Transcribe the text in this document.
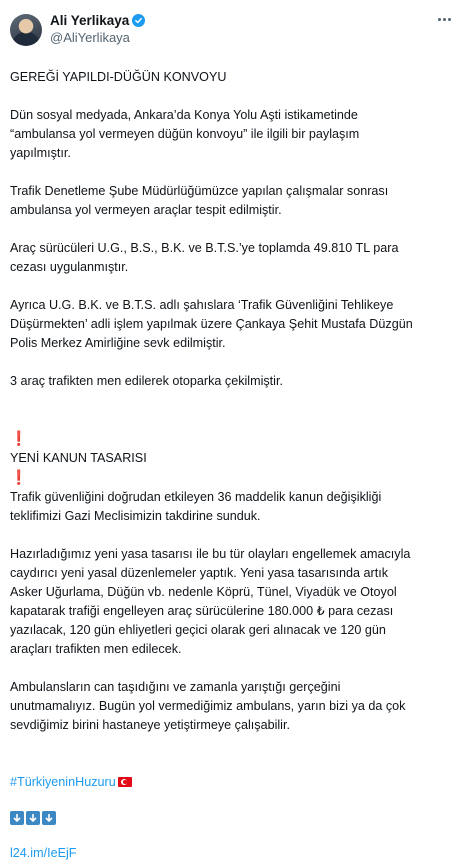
Ali Yerlikaya
@AliYerlikaya

GEREĞİ YAPILDI-DÜĞÜN KONVOYU

Dün sosyal medyada, Ankara’da Konya Yolu Aşti istikametinde
“ambulansa yol vermeyen düğün konvoyu” ile ilgili bir paylaşım
yapılmıştır.

Trafik Denetleme Şube Müdürlüğümüzce yapılan çalışmalar sonrası
ambulansa yol vermeyen araçlar tespit edilmiştir.

Araç sürücüleri U.G., B.S., B.K. ve B.T.S.’ye toplamda 49.810 TL para
cezası uygulanmıştır.

Ayrıca U.G. B.K. ve B.T.S. adlı şahıslara ‘Trafik Güvenliğini Tehlikeye
Düşürmekten’ adli işlem yapılmak üzere Çankaya Şehit Mustafa Düzgün
Polis Merkez Amirliğine sevk edilmiştir.

3 araç trafikten men edilerek otoparka çekilmiştir.

❗
YENİ KANUN TASARISI
❗

Trafik güvenliğini doğrudan etkileyen 36 maddelik kanun değişikliği
teklifimizi Gazi Meclisimizin takdirine sunduk.

Hazırladığımız yeni yasa tasarısı ile bu tür olayları engellemek amacıyla
caydırıcı yeni yasal düzenlemeler yaptık. Yeni yasa tasarısında artık
Asker Uğurlama, Düğün vb. nedenle Köprü, Tünel, Viyadük ve Otoyol
kapatarak trafiği engelleyen araç sürücülerine 180.000 ₺ para cezası
yazılacak, 120 gün ehliyetleri geçici olarak geri alınacak ve 120 gün
araçları trafikten men edilecek.

Ambulansların can taşıdığını ve zamanla yarıştığı gerçeğini
unutmamalıyız. Bugün yol vermediğimiz ambulans, yarın bizi ya da çok
sevdiğimiz birini hastaneye yetiştirmeye çalışabilir.

#TürkiyeninHuzuru

l24.im/IeEjF
